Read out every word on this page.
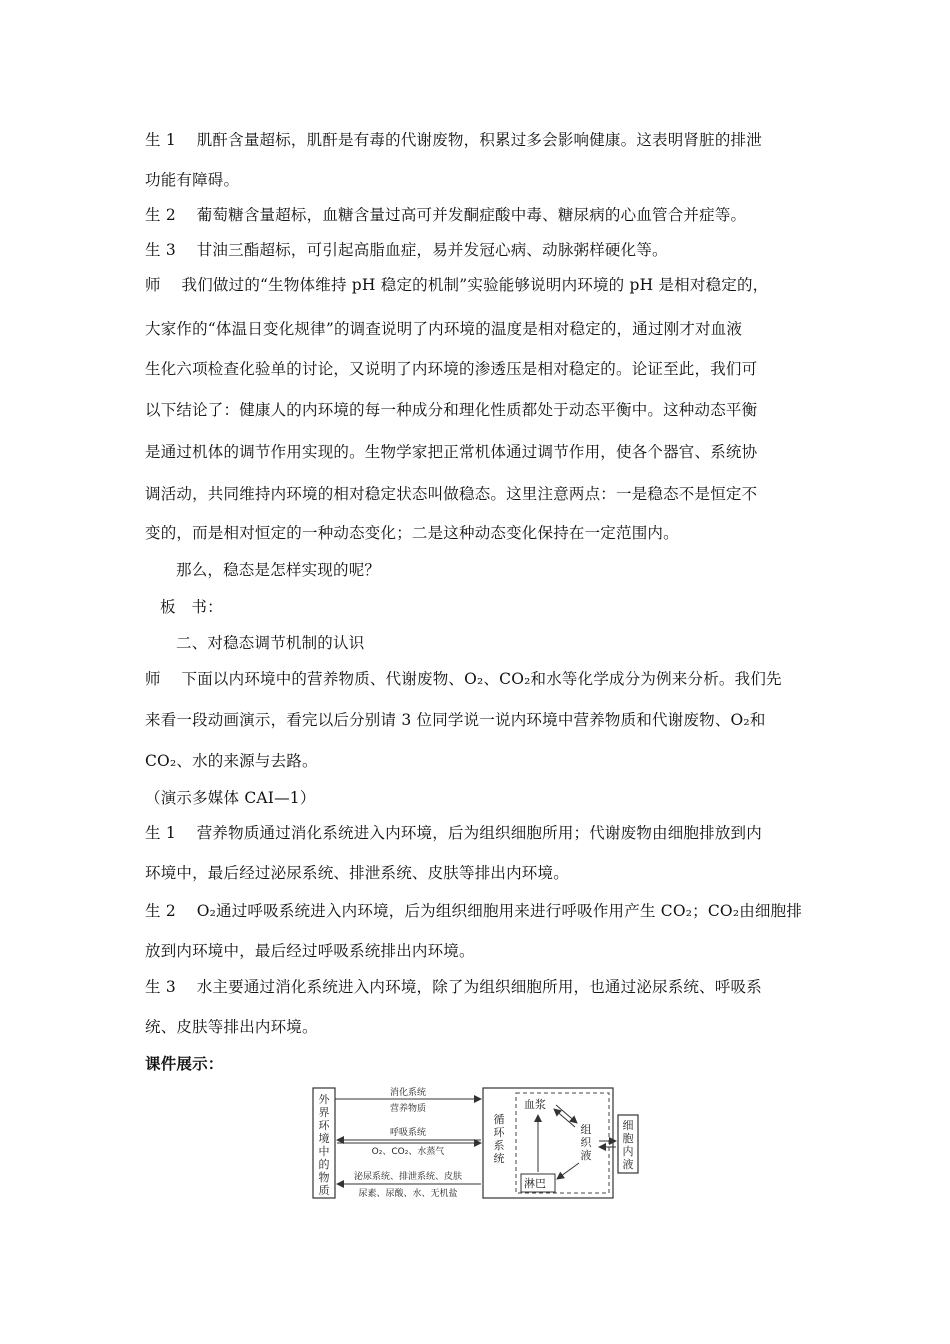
生 1　 肌酐含量超标，肌酐是有毒的代谢废物，积累过多会影响健康。这表明肾脏的排泄
功能有障碍。
生 2　 葡萄糖含量超标，血糖含量过高可并发酮症酸中毒、糖尿病的心血管合并症等。
生 3　 甘油三酯超标，可引起高脂血症，易并发冠心病、动脉粥样硬化等。
师　 我们做过的“生物体维持 pH 稳定的机制”实验能够说明内环境的 pH 是相对稳定的，
大家作的“体温日变化规律”的调查说明了内环境的温度是相对稳定的，通过刚才对血液
生化六项检查化验单的讨论，又说明了内环境的渗透压是相对稳定的。论证至此，我们可
以下结论了：健康人的内环境的每一种成分和理化性质都处于动态平衡中。这种动态平衡
是通过机体的调节作用实现的。生物学家把正常机体通过调节作用，使各个器官、系统协
调活动，共同维持内环境的相对稳定状态叫做稳态。这里注意两点：一是稳态不是恒定不
变的，而是相对恒定的一种动态变化；二是这种动态变化保持在一定范围内。
那么，稳态是怎样实现的呢？
板　书：
二、对稳态调节机制的认识
师　 下面以内环境中的营养物质、代谢废物、O₂、CO₂和水等化学成分为例来分析。我们先
来看一段动画演示，看完以后分别请 3 位同学说一说内环境中营养物质和代谢废物、O₂和
CO₂、水的来源与去路。
（演示多媒体 CAI—1）
生 1　 营养物质通过消化系统进入内环境，后为组织细胞所用；代谢废物由细胞排放到内
环境中，最后经过泌尿系统、排泄系统、皮肤等排出内环境。
生 2　 O₂通过呼吸系统进入内环境，后为组织细胞用来进行呼吸作用产生 CO₂；CO₂由细胞排
放到内环境中，最后经过呼吸系统排出内环境。
生 3　 水主要通过消化系统进入内环境，除了为组织细胞所用，也通过泌尿系统、呼吸系
统、皮肤等排出内环境。
课件展示：
外
界
环
境
中
的
物
质
循
环
系
统
血浆
淋巴
组
织
液
细
胞
内
液
消化系统
营养物质
呼吸系统
O₂、CO₂、水蒸气
泌尿系统、排泄系统、皮肤
尿素、尿酸、水、无机盐
